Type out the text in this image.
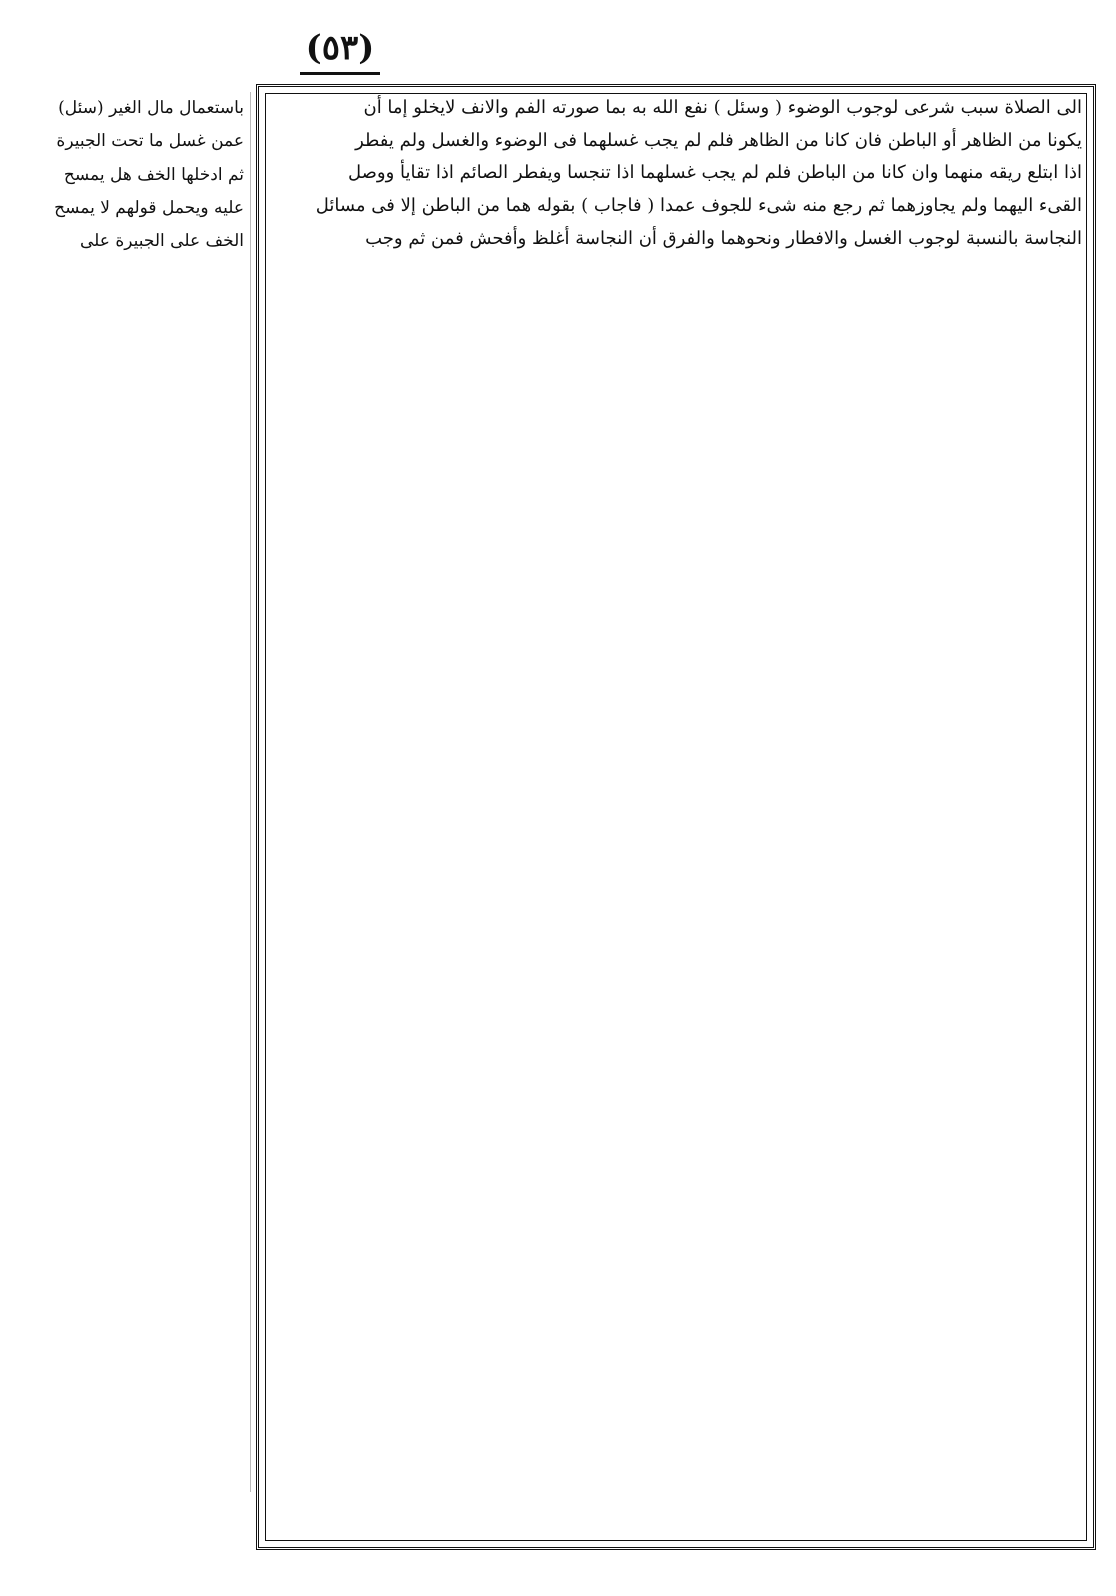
(٥٣)
الى الصلاة سبب شرعى لوجوب الوضوء ( وسئل ) نفع الله به بما صورته الفم والانف لايخلو إما أن
يكونا من الظاهر أو الباطن فان كانا من الظاهر فلم لم يجب غسلهما فى الوضوء والغسل ولم يفطر
اذا ابتلع ريقه منهما وان كانا من الباطن فلم لم يجب غسلهما اذا تنجسا ويفطر الصائم اذا تقايأ ووصل
القىء اليهما ولم يجاوزهما ثم رجع منه شىء للجوف عمدا ( فاجاب ) بقوله هما من الباطن إلا فى مسائل
النجاسة بالنسبة لوجوب الغسل والافطار ونحوهما والفرق أن النجاسة أغلظ وأفحش فمن ثم وجب
باستعمال مال الغير (سئل)
عمن غسل ما تحت الجبيرة
ثم ادخلها الخف هل يمسح
عليه ويحمل قولهم لا يمسح
الخف على الجبيرة على
